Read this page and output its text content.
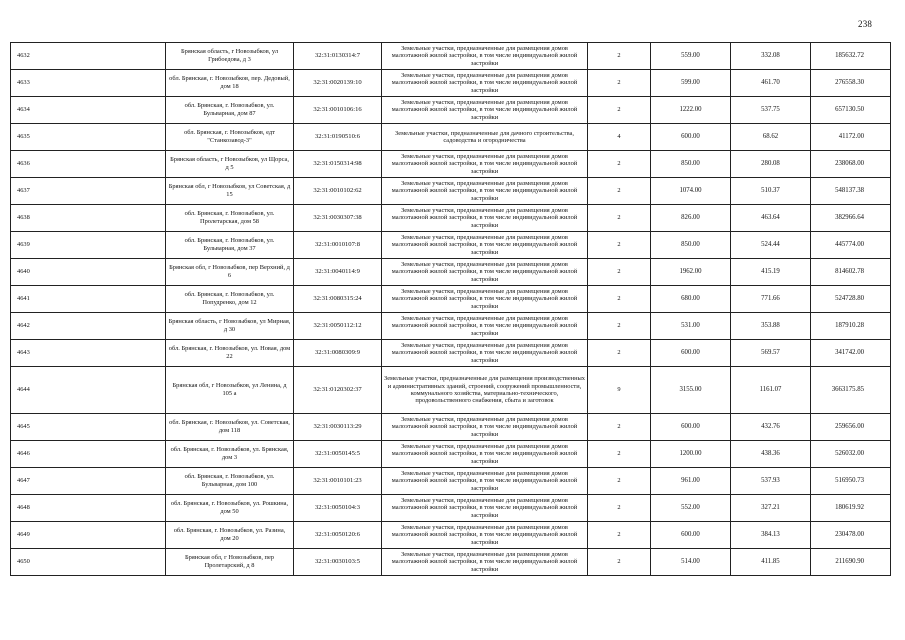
238
4632	Брянская область, г Новозыбков, ул Грибоедова, д 3	32:31:0130314:7	Земельные участки, предназначенные для размещения домов малоэтажной жилой застройки, в том числе индивидуальной жилой застройки	2	559.00	332.08	185632.72
4633	обл. Брянская, г. Новозыбков, пер. Дедовый, дом 18	32:31:0020139:10	Земельные участки, предназначенные для размещения домов малоэтажной жилой застройки, в том числе индивидуальной жилой застройки	2	599.00	461.70	276558.30
4634	обл. Брянская, г. Новозыбков, ул. Бульварная, дом 87	32:31:0010106:16	Земельные участки, предназначенные для размещения домов малоэтажной жилой застройки, в том числе индивидуальной жилой застройки	2	1222.00	537.75	657130.50
4635	обл. Брянская, г. Новозыбков, едт "Станкозавод-3"	32:31:0190510:6	Земельные участки, предназначенные для дачного строительства, садоводства и огородничества	4	600.00	68.62	41172.00
4636	Брянская область, г Новозыбков, ул Щорса, д 5	32:31:0150314:98	Земельные участки, предназначенные для размещения домов малоэтажной жилой застройки, в том числе индивидуальной жилой застройки	2	850.00	280.08	238068.00
4637	Брянская обл, г Новозыбков, ул Советская, д 15	32:31:0010102:62	Земельные участки, предназначенные для размещения домов малоэтажной жилой застройки, в том числе индивидуальной жилой застройки	2	1074.00	510.37	548137.38
4638	обл. Брянская, г. Новозыбков, ул. Пролетарская, дом 58	32:31:0030307:38	Земельные участки, предназначенные для размещения домов малоэтажной жилой застройки, в том числе индивидуальной жилой застройки	2	826.00	463.64	382966.64
4639	обл. Брянская, г. Новозыбков, ул. Бульварная, дом 37	32:31:0010107:8	Земельные участки, предназначенные для размещения домов малоэтажной жилой застройки, в том числе индивидуальной жилой застройки	2	850.00	524.44	445774.00
4640	Брянская обл, г Новозыбков, пер Верхний, д 6	32:31:0040114:9	Земельные участки, предназначенные для размещения домов малоэтажной жилой застройки, в том числе индивидуальной жилой застройки	2	1962.00	415.19	814602.78
4641	обл. Брянская, г. Новозыбков, ул. Попудренко, дом 12	32:31:0080315:24	Земельные участки, предназначенные для размещения домов малоэтажной жилой застройки, в том числе индивидуальной жилой застройки	2	680.00	771.66	524728.80
4642	Брянская область, г Новозыбков, ул Мирная, д 30	32:31:0050112:12	Земельные участки, предназначенные для размещения домов малоэтажной жилой застройки, в том числе индивидуальной жилой застройки	2	531.00	353.88	187910.28
4643	обл. Брянская, г. Новозыбков, ул. Новая, дом 22	32:31:0080309:9	Земельные участки, предназначенные для размещения домов малоэтажной жилой застройки, в том числе индивидуальной жилой застройки	2	600.00	569.57	341742.00
4644	Брянская обл, г Новозыбков, ул Ленина, д 105 а	32:31:0120302:37	Земельные участки, предназначенные для размещения производственных и административных зданий, строений, сооружений промышленности, коммунального хозяйства, материально-технического, продовольственного снабжения, сбыта и заготовок	9	3155.00	1161.07	3663175.85
4645	обл. Брянская, г. Новозыбков, ул. Советская, дом 118	32:31:0030113:29	Земельные участки, предназначенные для размещения домов малоэтажной жилой застройки, в том числе индивидуальной жилой застройки	2	600.00	432.76	259656.00
4646	обл. Брянская, г. Новозыбков, ул. Брянская, дом 3	32:31:0050145:5	Земельные участки, предназначенные для размещения домов малоэтажной жилой застройки, в том числе индивидуальной жилой застройки	2	1200.00	438.36	526032.00
4647	обл. Брянская, г. Новозыбков, ул. Бульварная, дом 100	32:31:0010101:23	Земельные участки, предназначенные для размещения домов малоэтажной жилой застройки, в том числе индивидуальной жилой застройки	2	961.00	537.93	516950.73
4648	обл. Брянская, г. Новозыбков, ул. Рошкина, дом 50	32:31:0050104:3	Земельные участки, предназначенные для размещения домов малоэтажной жилой застройки, в том числе индивидуальной жилой застройки	2	552.00	327.21	180619.92
4649	обл. Брянская, г. Новозыбков, ул. Разина, дом 20	32:31:0050120:6	Земельные участки, предназначенные для размещения домов малоэтажной жилой застройки, в том числе индивидуальной жилой застройки	2	600.00	384.13	230478.00
4650	Брянская обл, г Новозыбков, пер Пролетарский, д 8	32:31:0030103:5	Земельные участки, предназначенные для размещения домов малоэтажной жилой застройки, в том числе индивидуальной жилой застройки	2	514.00	411.85	211690.90
